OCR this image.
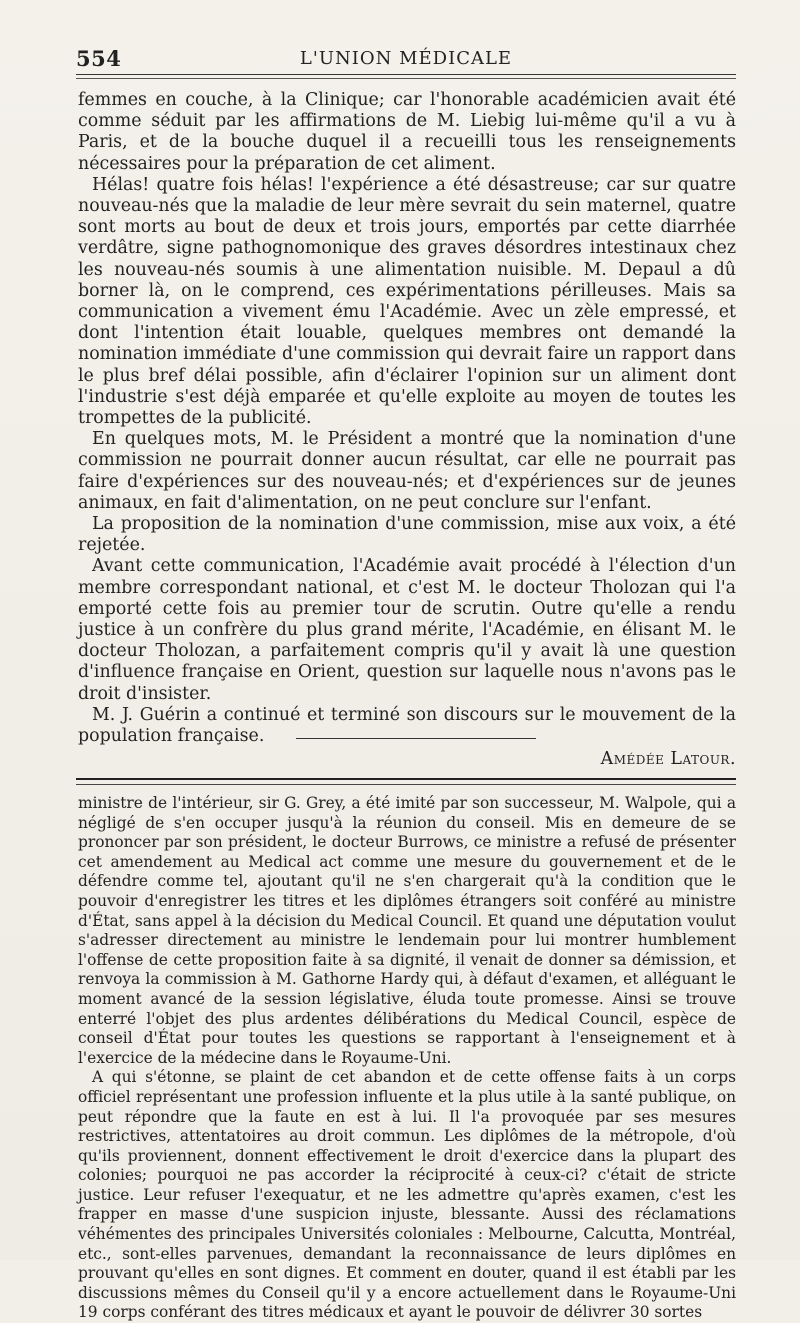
554	L'UNION MÉDICALE

femmes en couche, à la Clinique; car l'honorable académicien avait été comme séduit par les affirmations de M. Liebig lui-même qu'il a vu à Paris, et de la bouche duquel il a recueilli tous les renseignements nécessaires pour la préparation de cet aliment.

Hélas! quatre fois hélas! l'expérience a été désastreuse; car sur quatre nouveau-nés que la maladie de leur mère sevrait du sein maternel, quatre sont morts au bout de deux et trois jours, emportés par cette diarrhée verdâtre, signe pathognomonique des graves désordres intestinaux chez les nouveau-nés soumis à une alimentation nuisible. M. Depaul a dû borner là, on le comprend, ces expérimentations périlleuses. Mais sa communication a vivement ému l'Académie. Avec un zèle empressé, et dont l'intention était louable, quelques membres ont demandé la nomination immédiate d'une commission qui devrait faire un rapport dans le plus bref délai possible, afin d'éclairer l'opinion sur un aliment dont l'industrie s'est déjà emparée et qu'elle exploite au moyen de toutes les trompettes de la publicité.

En quelques mots, M. le Président a montré que la nomination d'une commission ne pourrait donner aucun résultat, car elle ne pourrait pas faire d'expériences sur des nouveau-nés; et d'expériences sur de jeunes animaux, en fait d'alimentation, on ne peut conclure sur l'enfant.

La proposition de la nomination d'une commission, mise aux voix, a été rejetée.

Avant cette communication, l'Académie avait procédé à l'élection d'un membre correspondant national, et c'est M. le docteur Tholozan qui l'a emporté cette fois au premier tour de scrutin. Outre qu'elle a rendu justice à un confrère du plus grand mérite, l'Académie, en élisant M. le docteur Tholozan, a parfaitement compris qu'il y avait là une question d'influence française en Orient, question sur laquelle nous n'avons pas le droit d'insister.

M. J. Guérin a continué et terminé son discours sur le mouvement de la population française.

Amédée Latour.

ministre de l'intérieur, sir G. Grey, a été imité par son successeur, M. Walpole, qui a négligé de s'en occuper jusqu'à la réunion du conseil. Mis en demeure de se prononcer par son président, le docteur Burrows, ce ministre a refusé de présenter cet amendement au Medical act comme une mesure du gouvernement et de le défendre comme tel, ajoutant qu'il ne s'en chargerait qu'à la condition que le pouvoir d'enregistrer les titres et les diplômes étrangers soit conféré au ministre d'État, sans appel à la décision du Medical Council. Et quand une députation voulut s'adresser directement au ministre le lendemain pour lui montrer humblement l'offense de cette proposition faite à sa dignité, il venait de donner sa démission, et renvoya la commission à M. Gathorne Hardy qui, à défaut d'examen, et alléguant le moment avancé de la session législative, éluda toute promesse. Ainsi se trouve enterré l'objet des plus ardentes délibérations du Medical Council, espèce de conseil d'État pour toutes les questions se rapportant à l'enseignement et à l'exercice de la médecine dans le Royaume-Uni.

A qui s'étonne, se plaint de cet abandon et de cette offense faits à un corps officiel représentant une profession influente et la plus utile à la santé publique, on peut répondre que la faute en est à lui. Il l'a provoquée par ses mesures restrictives, attentatoires au droit commun. Les diplômes de la métropole, d'où qu'ils proviennent, donnent effectivement le droit d'exercice dans la plupart des colonies; pourquoi ne pas accorder la réciprocité à ceux-ci? c'était de stricte justice. Leur refuser l'exequatur, et ne les admettre qu'après examen, c'est les frapper en masse d'une suspicion injuste, blessante. Aussi des réclamations véhémentes des principales Universités coloniales : Melbourne, Calcutta, Montréal, etc., sont-elles parvenues, demandant la reconnaissance de leurs diplômes en prouvant qu'elles en sont dignes. Et comment en douter, quand il est établi par les discussions mêmes du Conseil qu'il y a encore actuellement dans le Royaume-Uni 19 corps conférant des titres médicaux et ayant le pouvoir de délivrer 30 sortes
